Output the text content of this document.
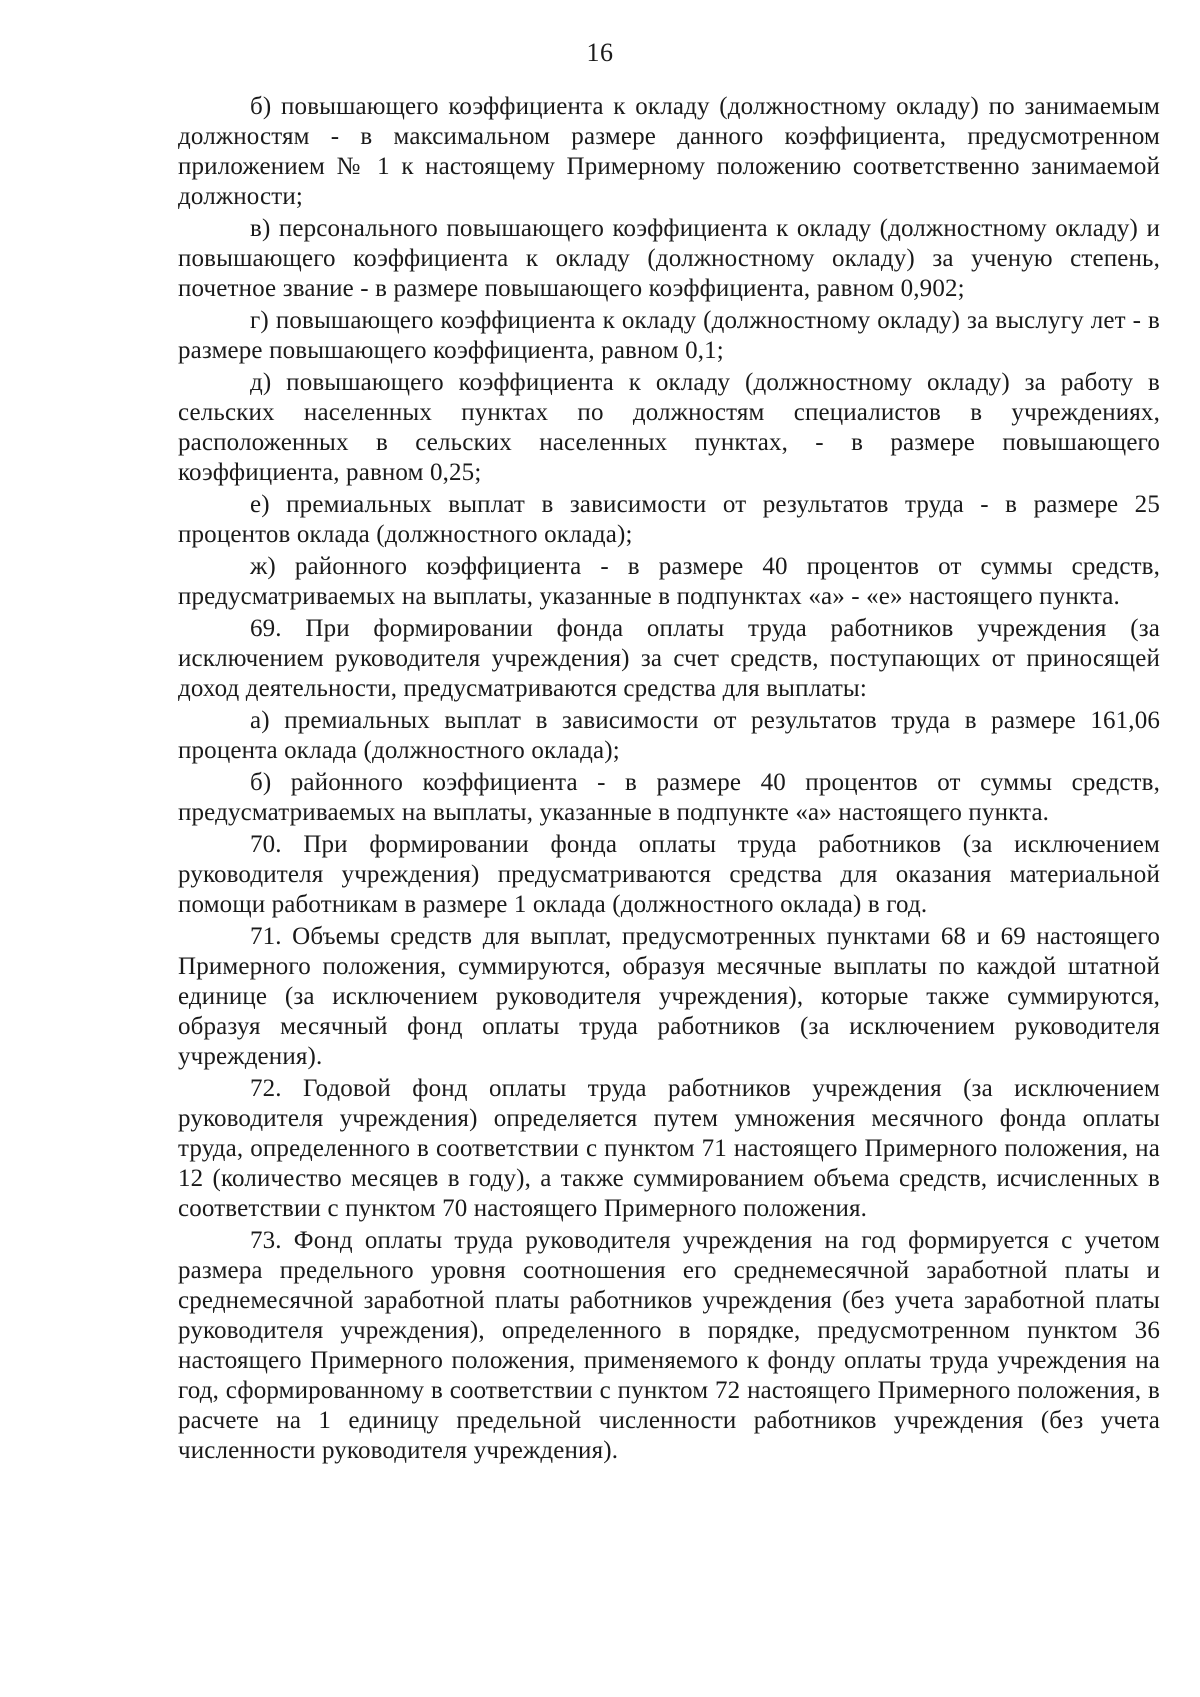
16

б) повышающего коэффициента к окладу (должностному окладу) по занимаемым должностям - в максимальном размере данного коэффициента, предусмотренном приложением № 1 к настоящему Примерному положению соответственно занимаемой должности;

в) персонального повышающего коэффициента к окладу (должностному окладу) и повышающего коэффициента к окладу (должностному окладу) за ученую степень, почетное звание - в размере повышающего коэффициента, равном 0,902;

г) повышающего коэффициента к окладу (должностному окладу) за выслугу лет - в размере повышающего коэффициента, равном 0,1;

д) повышающего коэффициента к окладу (должностному окладу) за работу в сельских населенных пунктах по должностям специалистов в учреждениях, расположенных в сельских населенных пунктах, - в размере повышающего коэффициента, равном 0,25;

е) премиальных выплат в зависимости от результатов труда - в размере 25 процентов оклада (должностного оклада);

ж) районного коэффициента - в размере 40 процентов от суммы средств, предусматриваемых на выплаты, указанные в подпунктах «а» - «е» настоящего пункта.

69. При формировании фонда оплаты труда работников учреждения (за исключением руководителя учреждения) за счет средств, поступающих от приносящей доход деятельности, предусматриваются средства для выплаты:

а) премиальных выплат в зависимости от результатов труда в размере 161,06 процента оклада (должностного оклада);

б) районного коэффициента - в размере 40 процентов от суммы средств, предусматриваемых на выплаты, указанные в подпункте «а» настоящего пункта.

70. При формировании фонда оплаты труда работников (за исключением руководителя учреждения) предусматриваются средства для оказания материальной помощи работникам в размере 1 оклада (должностного оклада) в год.

71. Объемы средств для выплат, предусмотренных пунктами 68 и 69 настоящего Примерного положения, суммируются, образуя месячные выплаты по каждой штатной единице (за исключением руководителя учреждения), которые также суммируются, образуя месячный фонд оплаты труда работников (за исключением руководителя учреждения).

72. Годовой фонд оплаты труда работников учреждения (за исключением руководителя учреждения) определяется путем умножения месячного фонда оплаты труда, определенного в соответствии с пунктом 71 настоящего Примерного положения, на 12 (количество месяцев в году), а также суммированием объема средств, исчисленных в соответствии с пунктом 70 настоящего Примерного положения.

73. Фонд оплаты труда руководителя учреждения на год формируется с учетом размера предельного уровня соотношения его среднемесячной заработной платы и среднемесячной заработной платы работников учреждения (без учета заработной платы руководителя учреждения), определенного в порядке, предусмотренном пунктом 36 настоящего Примерного положения, применяемого к фонду оплаты труда учреждения на год, сформированному в соответствии с пунктом 72 настоящего Примерного положения, в расчете на 1 единицу предельной численности работников учреждения (без учета численности руководителя учреждения).
